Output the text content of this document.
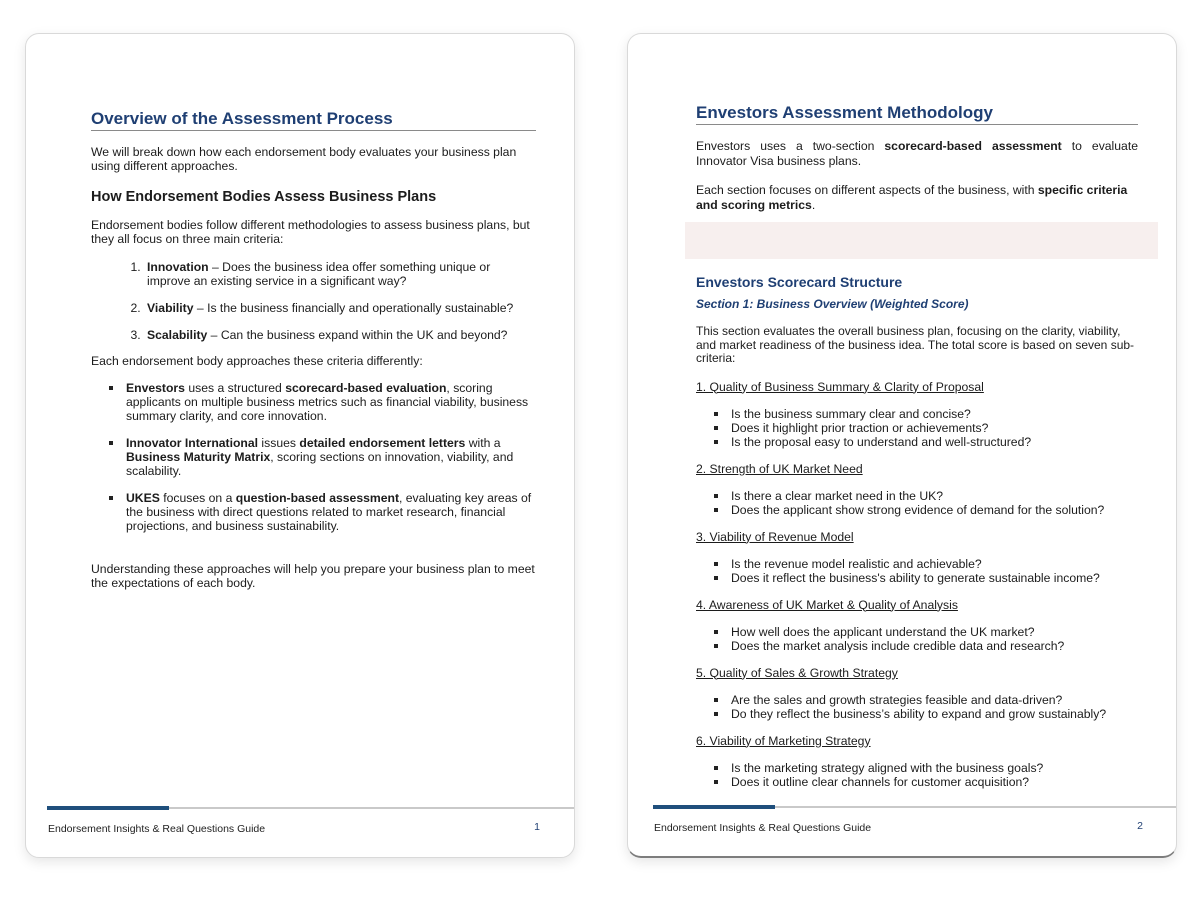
Overview of the Assessment Process

We will break down how each endorsement body evaluates your business plan using different approaches.

How Endorsement Bodies Assess Business Plans

Endorsement bodies follow different methodologies to assess business plans, but they all focus on three main criteria:

1. Innovation – Does the business idea offer something unique or improve an existing service in a significant way?
2. Viability – Is the business financially and operationally sustainable?
3. Scalability – Can the business expand within the UK and beyond?

Each endorsement body approaches these criteria differently:

Envestors uses a structured scorecard-based evaluation, scoring applicants on multiple business metrics such as financial viability, business summary clarity, and core innovation.
Innovator International issues detailed endorsement letters with a Business Maturity Matrix, scoring sections on innovation, viability, and scalability.
UKES focuses on a question-based assessment, evaluating key areas of the business with direct questions related to market research, financial projections, and business sustainability.

Understanding these approaches will help you prepare your business plan to meet the expectations of each body.

Endorsement Insights & Real Questions Guide	1
Envestors Assessment Methodology

Envestors uses a two-section scorecard-based assessment to evaluate Innovator Visa business plans.

Each section focuses on different aspects of the business, with specific criteria and scoring metrics.

Envestors Scorecard Structure
Section 1: Business Overview (Weighted Score)

This section evaluates the overall business plan, focusing on the clarity, viability, and market readiness of the business idea. The total score is based on seven sub-criteria:

1. Quality of Business Summary & Clarity of Proposal
Is the business summary clear and concise?
Does it highlight prior traction or achievements?
Is the proposal easy to understand and well-structured?
2. Strength of UK Market Need
Is there a clear market need in the UK?
Does the applicant show strong evidence of demand for the solution?
3. Viability of Revenue Model
Is the revenue model realistic and achievable?
Does it reflect the business's ability to generate sustainable income?
4. Awareness of UK Market & Quality of Analysis
How well does the applicant understand the UK market?
Does the market analysis include credible data and research?
5. Quality of Sales & Growth Strategy
Are the sales and growth strategies feasible and data-driven?
Do they reflect the business’s ability to expand and grow sustainably?
6. Viability of Marketing Strategy
Is the marketing strategy aligned with the business goals?
Does it outline clear channels for customer acquisition?
Endorsement Insights & Real Questions Guide	2
